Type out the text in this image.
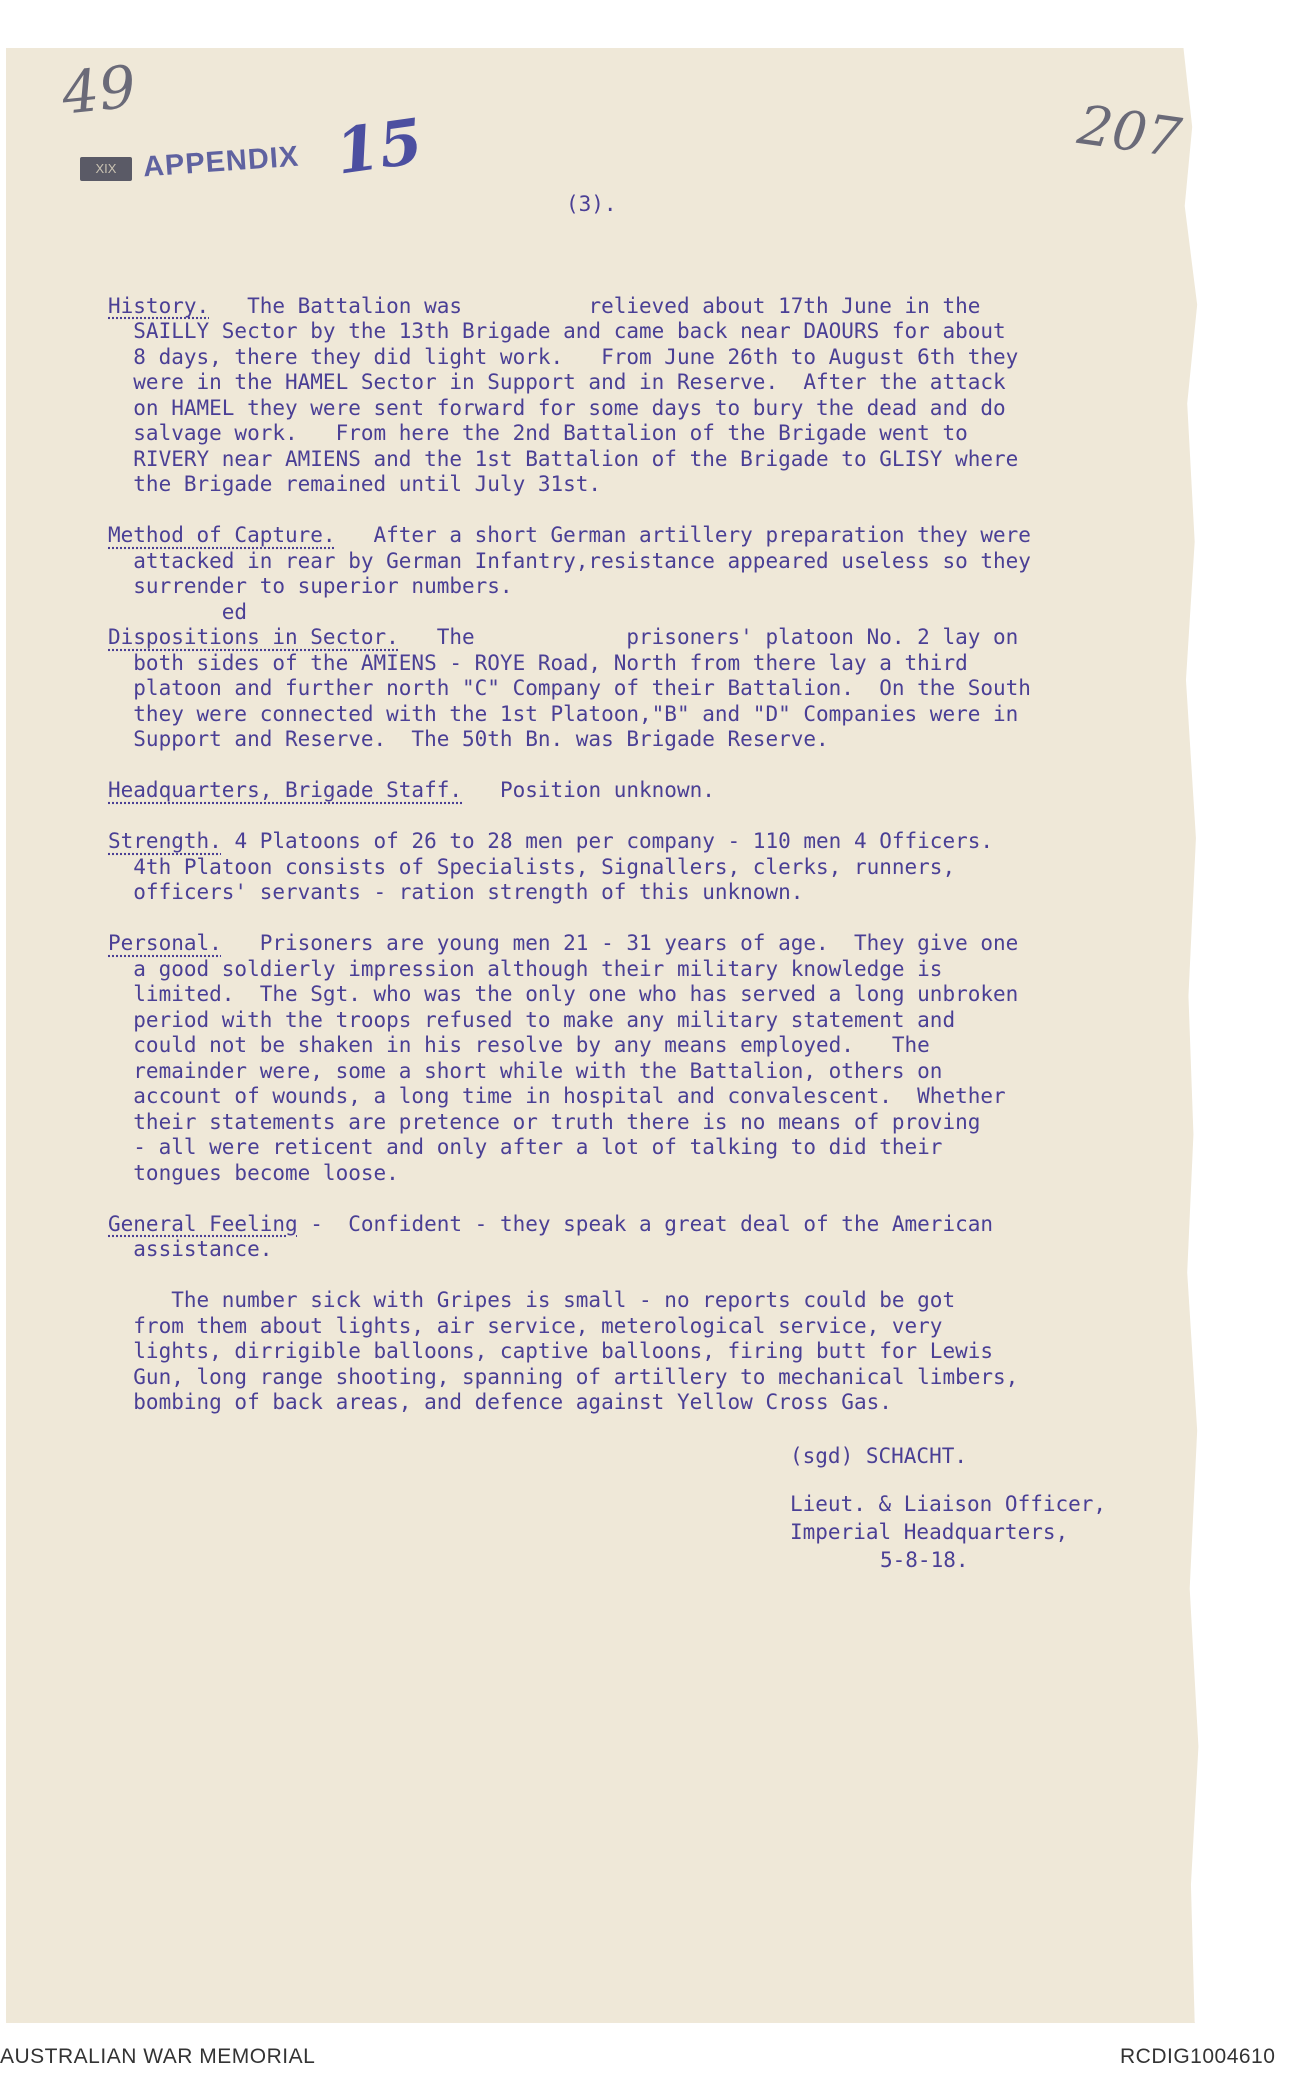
49
15	207
XIX APPENDIX
(3).

History.   The Battalion was          relieved about 17th June in the
SAILLY Sector by the 13th Brigade and came back near DAOURS for about
8 days, there they did light work.   From June 26th to August 6th they
were in the HAMEL Sector in Support and in Reserve.  After the attack
on HAMEL they were sent forward for some days to bury the dead and do
salvage work.   From here the 2nd Battalion of the Brigade went to
RIVERY near AMIENS and the 1st Battalion of the Brigade to GLISY where
the Brigade remained until July 31st.
Method of Capture.   After a short German artillery preparation they were
attacked in rear by German Infantry,resistance appeared useless so they
surrender to superior numbers.
ed
Dispositions in Sector.   The            prisoners' platoon No. 2 lay on
both sides of the AMIENS - ROYE Road, North from there lay a third
platoon and further north "C" Company of their Battalion.  On the South
they were connected with the 1st Platoon,"B" and "D" Companies were in
Support and Reserve.  The 50th Bn. was Brigade Reserve.
Headquarters, Brigade Staff.   Position unknown.
Strength. 4 Platoons of 26 to 28 men per company - 110 men 4 Officers.
4th Platoon consists of Specialists, Signallers, clerks, runners,
officers' servants - ration strength of this unknown.
Personal.   Prisoners are young men 21 - 31 years of age.  They give one
a good soldierly impression although their military knowledge is
limited.  The Sgt. who was the only one who has served a long unbroken
period with the troops refused to make any military statement and
could not be shaken in his resolve by any means employed.   The
remainder were, some a short while with the Battalion, others on
account of wounds, a long time in hospital and convalescent.  Whether
their statements are pretence or truth there is no means of proving
- all were reticent and only after a lot of talking to did their
tongues become loose.
General Feeling -  Confident - they speak a great deal of the American
assistance.
The number sick with Gripes is small - no reports could be got
from them about lights, air service, meterological service, very
lights, dirrigible balloons, captive balloons, firing butt for Lewis
Gun, long range shooting, spanning of artillery to mechanical limbers,
bombing of back areas, and defence against Yellow Cross Gas.
(sgd) SCHACHT.
Lieut. & Liaison Officer,
Imperial Headquarters,
5-8-18.
AUSTRALIAN WAR MEMORIAL	RCDIG1004610
